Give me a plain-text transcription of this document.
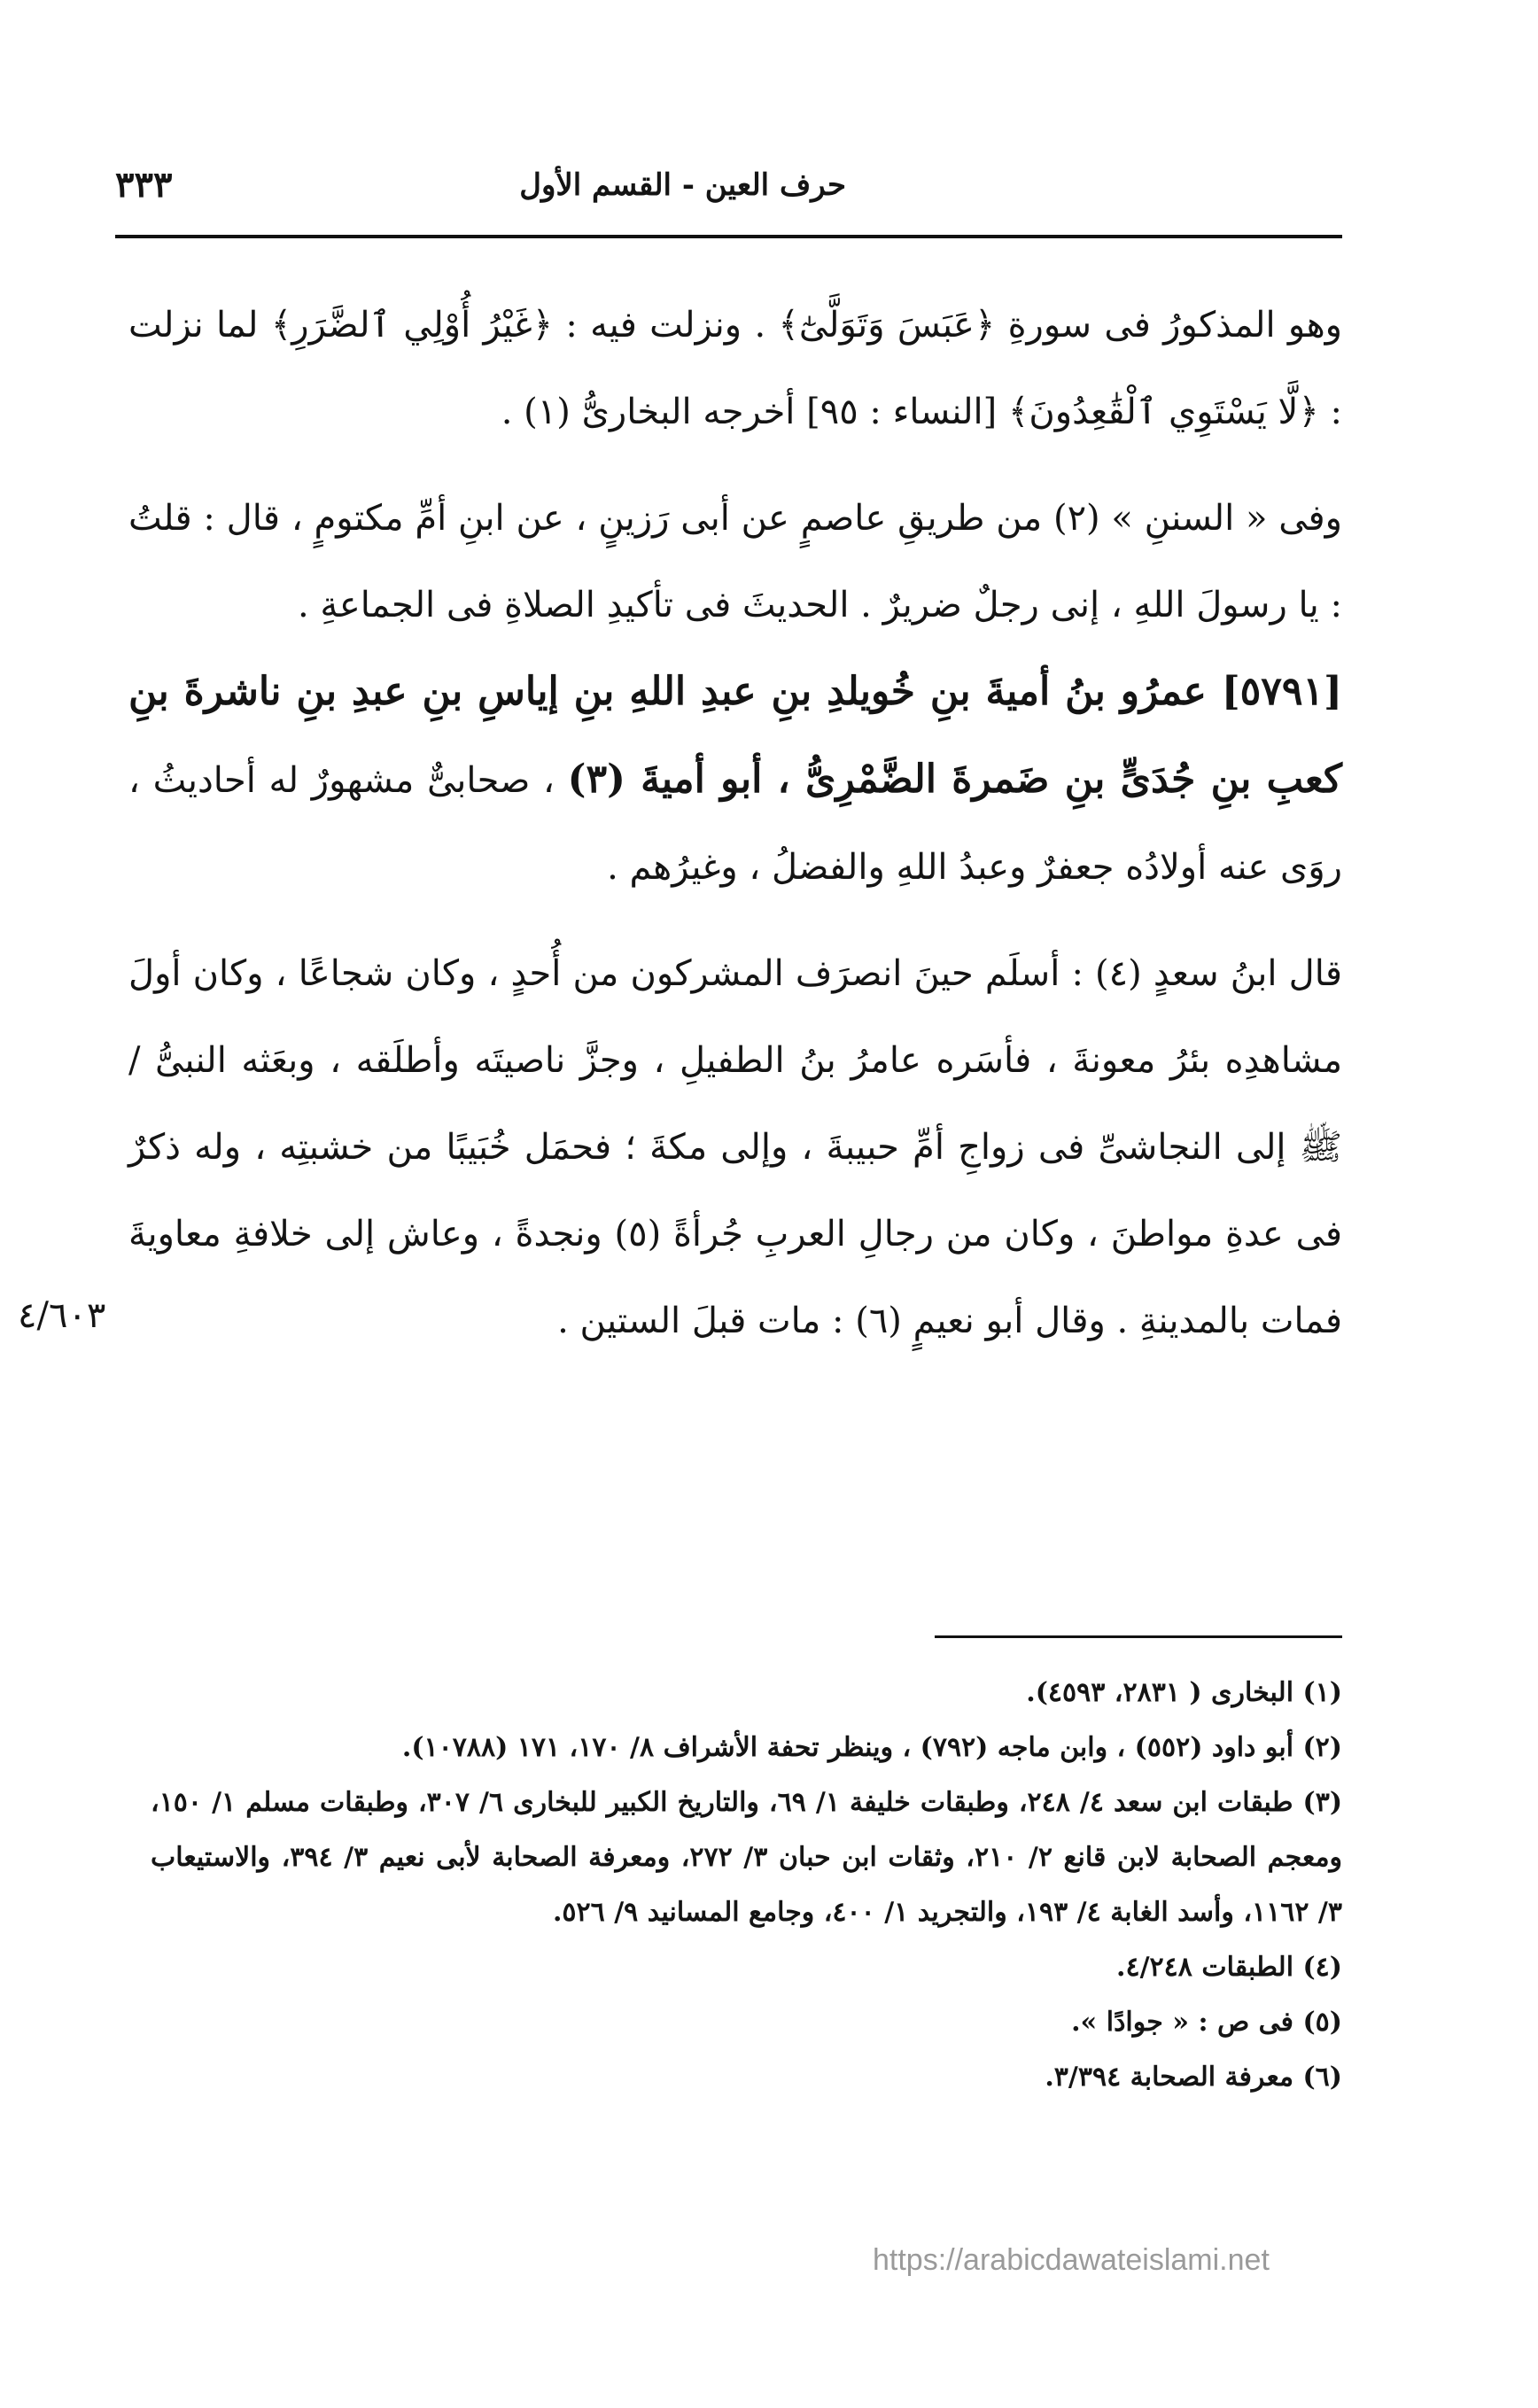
حرف العين - القسم الأول
٣٣٣

وهو المذكورُ فى سورةِ ﴿عَبَسَ وَتَوَلَّىٰٓ﴾ . ونزلت فيه : ﴿غَيْرُ أُوْلِي ٱلضَّرَرِ﴾ لما نزلت : ﴿لَّا يَسْتَوِي ٱلْقَٰعِدُونَ﴾ [النساء : ٩٥] أخرجه البخارىُّ (١) .

وفى « السننِ » (٢) من طريقِ عاصمٍ عن أبى رَزينٍ ، عن ابنِ أمِّ مكتومٍ ، قال : قلتُ : يا رسولَ اللهِ ، إنى رجلٌ ضريرٌ . الحديثَ فى تأكيدِ الصلاةِ فى الجماعةِ .

[٥٧٩١] عمرُو بنُ أميةَ بنِ خُويلدِ بنِ عبدِ اللهِ بنِ إياسِ بنِ عبدِ بنِ ناشرةَ بنِ كعبِ بنِ جُدَىٍّ بنِ ضَمرةَ الضَّمْرِىُّ ، أبو أميةَ (٣) ، صحابىٌّ مشهورٌ له أحاديثُ ، روَى عنه أولادُه جعفرٌ وعبدُ اللهِ والفضلُ ، وغيرُهم .

قال ابنُ سعدٍ (٤) : أسلَم حينَ انصرَف المشركون من أُحدٍ ، وكان شجاعًا ، وكان أولَ مشاهدِه بئرُ معونةَ ، فأسَره عامرُ بنُ الطفيلِ ، وجزَّ ناصيتَه وأطلَقه ، وبعَثه النبىُّ / ﷺ إلى النجاشىِّ فى زواجِ أمِّ حبيبةَ ، وإلى مكةَ ؛ فحمَل خُبَيبًا من خشبتِه ، وله ذكرٌ فى عدةِ مواطنَ ، وكان من رجالِ العربِ جُرأةً (٥) ونجدةً ، وعاش إلى خلافةِ معاويةَ فمات بالمدينةِ . وقال أبو نعيمٍ (٦) : مات قبلَ الستين .

٤/٦٠٣

(١) البخارى ( ٢٨٣١، ٤٥٩٣).

(٢) أبو داود (٥٥٢) ، وابن ماجه (٧٩٢) ، وينظر تحفة الأشراف ٨/ ١٧٠، ١٧١ (١٠٧٨٨).

(٣) طبقات ابن سعد ٤/ ٢٤٨، وطبقات خليفة ١/ ٦٩، والتاريخ الكبير للبخارى ٦/ ٣٠٧، وطبقات مسلم ١/ ١٥٠، ومعجم الصحابة لابن قانع ٢/ ٢١٠، وثقات ابن حبان ٣/ ٢٧٢، ومعرفة الصحابة لأبى نعيم ٣/ ٣٩٤، والاستيعاب ٣/ ١١٦٢، وأسد الغابة ٤/ ١٩٣، والتجريد ١/ ٤٠٠، وجامع المسانيد ٩/ ٥٢٦.

(٤) الطبقات ٤/٢٤٨.

(٥) فى ص : « جوادًا ».

(٦) معرفة الصحابة ٣/٣٩٤.

https://arabicdawateislami.net
